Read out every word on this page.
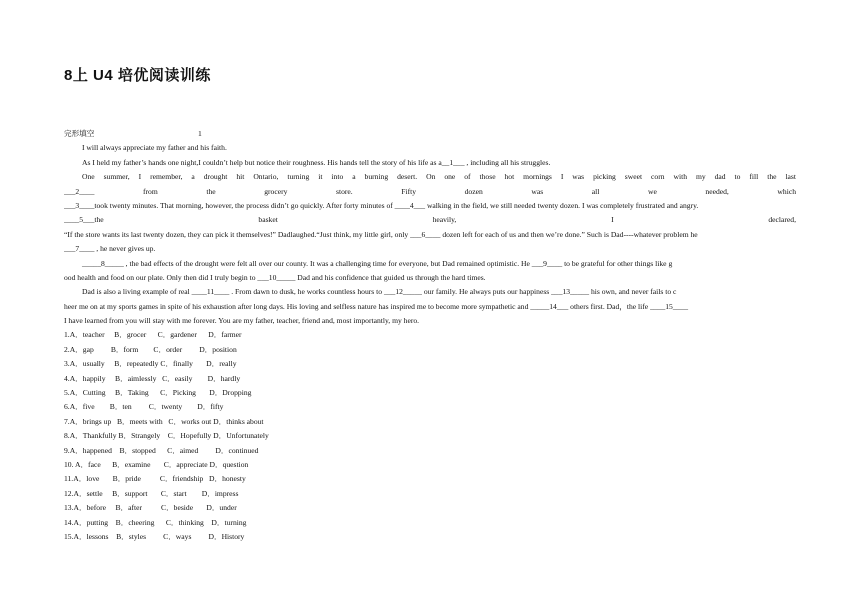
8上 U4 培优阅读训练
完形填空	1
I will always appreciate my father and his faith.
As I held my father’s hands one night,I couldn’t help but notice their roughness. His hands tell the story of his life as a__1___ , including all his struggles.
One summer, I remember, a drought hit Ontario, turning it into a burning desert. On one of those hot mornings I was picking sweet corn with my dad to fill the last
___2____ from the grocery store. Fifty dozen was all we needed, which
___3____took twenty minutes. That morning, however, the process didn’t go quickly. After forty minutes of ____4___ walking in the field, we still needed twenty dozen. I was completely frustrated and angry.
____5___the basket heavily, I declared,
“If the store wants its last twenty dozen, they can pick it themselves!” Dadlaughed.“Just think, my little girl, only ___6____ dozen left for each of us and then we’re done.” Such is Dad----whatever problem he
___7____ , he never gives up.
_____8_____ , the bad effects of the drought were felt all over our county. It was a challenging time for everyone, but Dad remained optimistic. He ___9____ to be grateful for other things like g
ood health and food on our plate. Only then did I truly begin to ___10_____ Dad and his confidence that guided us through the hard times.
Dad is also a living example of real ____11____ . From dawn to dusk, he works countless hours to ___12_____ our family. He always puts our happiness ___13_____ his own, and never fails to c
heer me on at my sports games in spite of his exhaustion after long days. His loving and selfless nature has inspired me to become more sympathetic and _____14___ others first. Dad，the life ____15____
I have learned from you will stay with me forever. You are my father, teacher, friend and, most importantly, my hero.
1.A．teacher     B．grocer      C．gardener      D．farmer
2.A．gap         B．form        C．order         D．position
3.A．usually     B．repeatedly C．finally       D．really
4.A．happily     B．aimlessly   C．easily        D．hardly
5.A．Cutting     B．Taking      C．Picking       D．Dropping
6.A．five        B．ten         C．twenty        D．fifty
7.A．brings up   B．meets with   C．works out D．thinks about
8.A．Thankfully B．Strangely    C．Hopefully D．Unfortunately
9.A．happened    B．stopped      C．aimed         D．continued
10. A．face      B．examine       C．appreciate D．question
11.A．love       B．pride          C．friendship   D．honesty
12.A．settle     B．support       C．start        D．impress
13.A．before     B．after          C．beside       D．under
14.A．putting    B．cheering      C．thinking    D．turning
15.A．lessons    B．styles         C．ways         D．History
